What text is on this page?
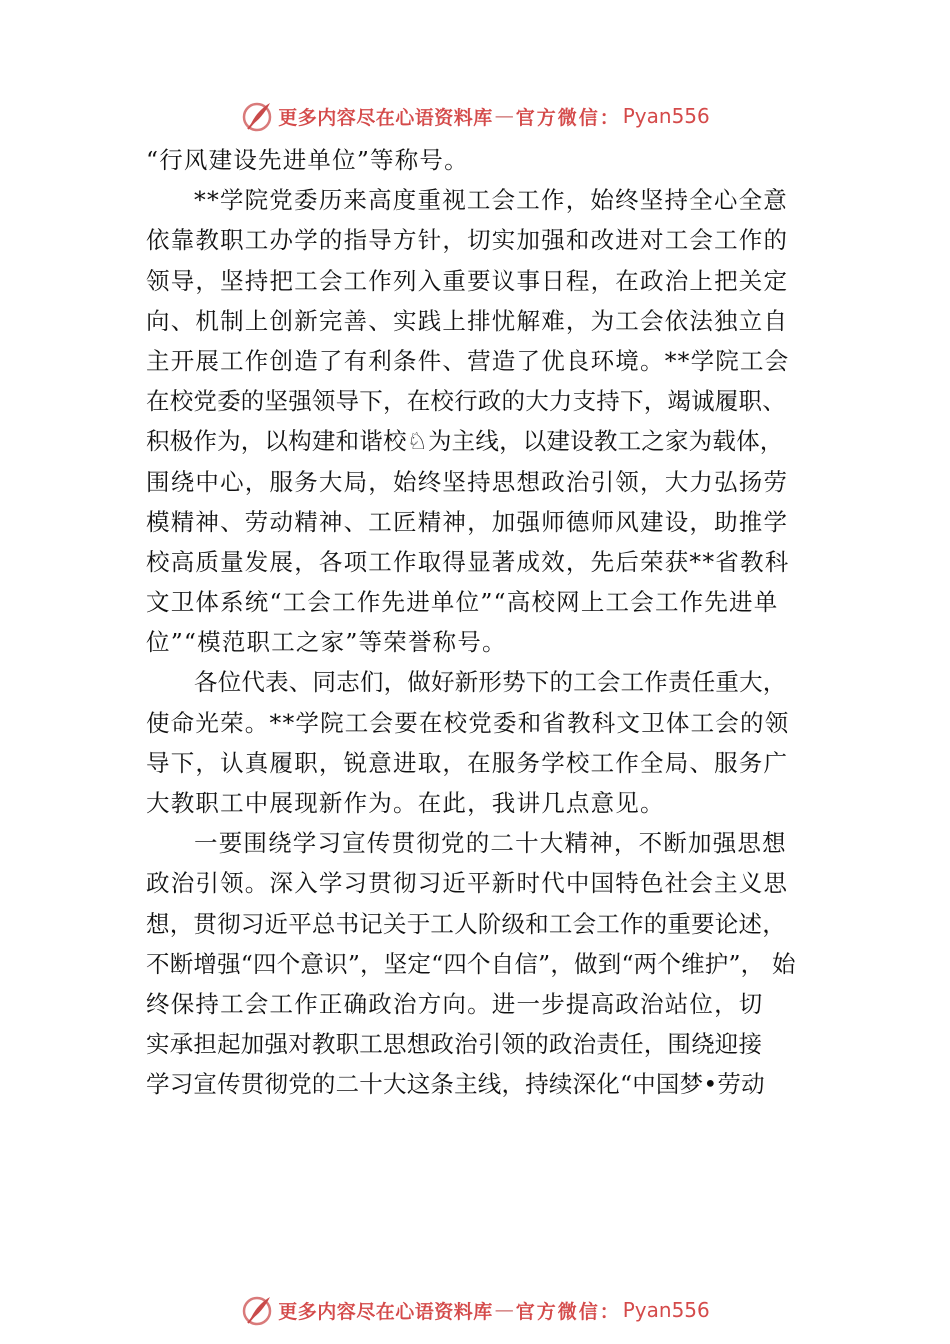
更多内容尽在心语资料库 — 官方微信： Pyan556
“行风建设先进单位”等称号。
**学院党委历来高度重视工会工作，始终坚持全心全意
依靠教职工办学的指导方针，切实加强和改进对工会工作的
领导，坚持把工会工作列入重要议事日程，在政治上把关定
向、机制上创新完善、实践上排忧解难，为工会依法独立自
主开展工作创造了有利条件、营造了优良环境。**学院工会
在校党委的坚强领导下，在校行政的大力支持下，竭诚履职、
积极作为，以构建和谐校♘为主线，以建设教工之家为载体，
围绕中心，服务大局，始终坚持思想政治引领，大力弘扬劳
模精神、劳动精神、工匠精神，加强师德师风建设，助推学
校高质量发展，各项工作取得显著成效，先后荣获**省教科
文卫体系统“工会工作先进单位”“高校网上工会工作先进单
位”“模范职工之家”等荣誉称号。
各位代表、同志们，做好新形势下的工会工作责任重大，
使命光荣。**学院工会要在校党委和省教科文卫体工会的领
导下，认真履职，锐意进取，在服务学校工作全局、服务广
大教职工中展现新作为。在此，我讲几点意见。
一要围绕学习宣传贯彻党的二十大精神，不断加强思想
政治引领。深入学习贯彻习近平新时代中国特色社会主义思
想，贯彻习近平总书记关于工人阶级和工会工作的重要论述，
不断增强“四个意识”，坚定“四个自信”，做到“两个维护”， 始
终保持工会工作正确政治方向。进一步提高政治站位，切
实承担起加强对教职工思想政治引领的政治责任，围绕迎接
学习宣传贯彻党的二十大这条主线，持续深化“中国梦•劳动
更多内容尽在心语资料库 — 官方微信： Pyan556
